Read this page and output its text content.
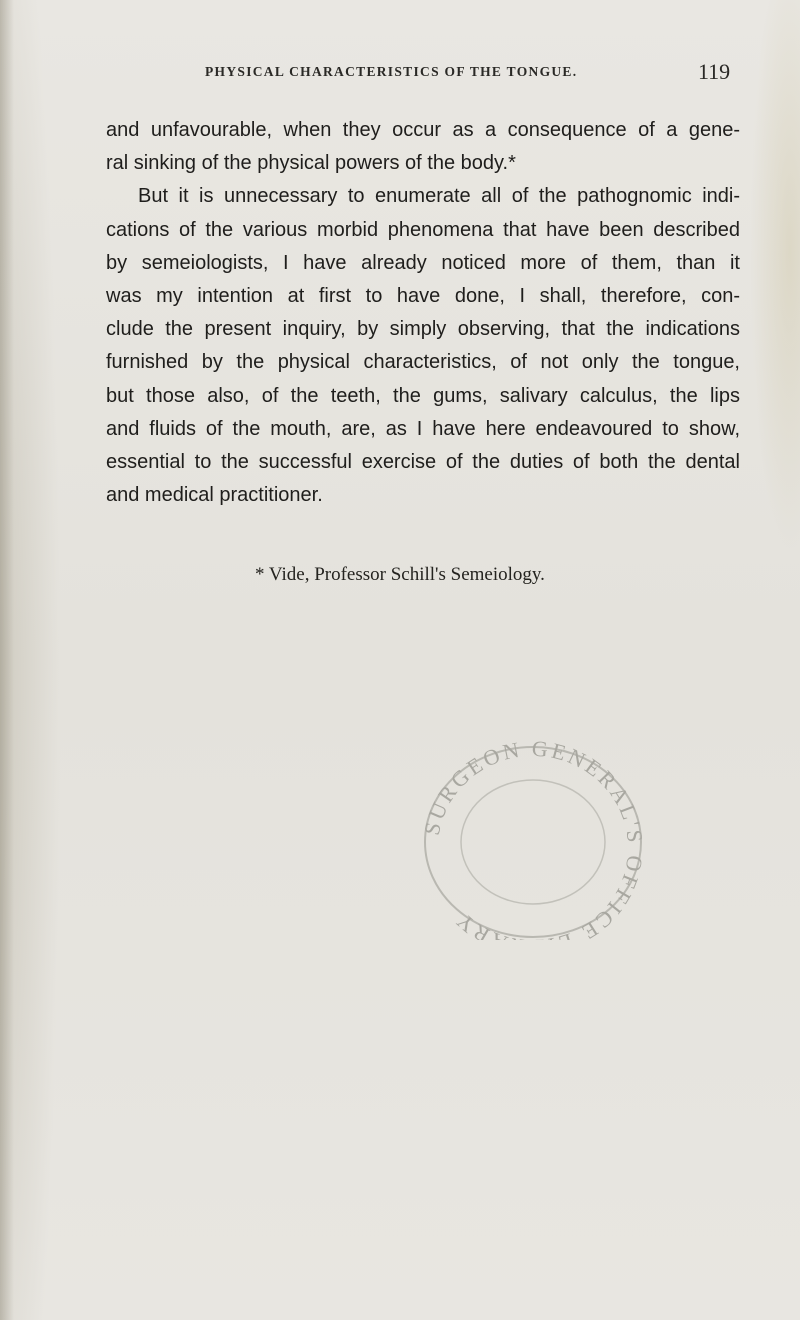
PHYSICAL CHARACTERISTICS OF THE TONGUE.	119
and unfavourable, when they occur as a consequence of a gene-
ral sinking of the physical powers of the body.*
But it is unnecessary to enumerate all of the pathognomic indi-
cations of the various morbid phenomena that have been described
by semeiologists, I have already noticed more of them, than it
was my intention at first to have done, I shall, therefore, con-
clude the present inquiry, by simply observing, that the indications
furnished by the physical characteristics, of not only the tongue,
but those also, of the teeth, the gums, salivary calculus, the lips
and fluids of the mouth, are, as I have here endeavoured to show,
essential to the successful exercise of the duties of both the dental
and medical practitioner.
* Vide, Professor Schill's Semeiology.
SURGEON GENERAL'S OFFICE RY
